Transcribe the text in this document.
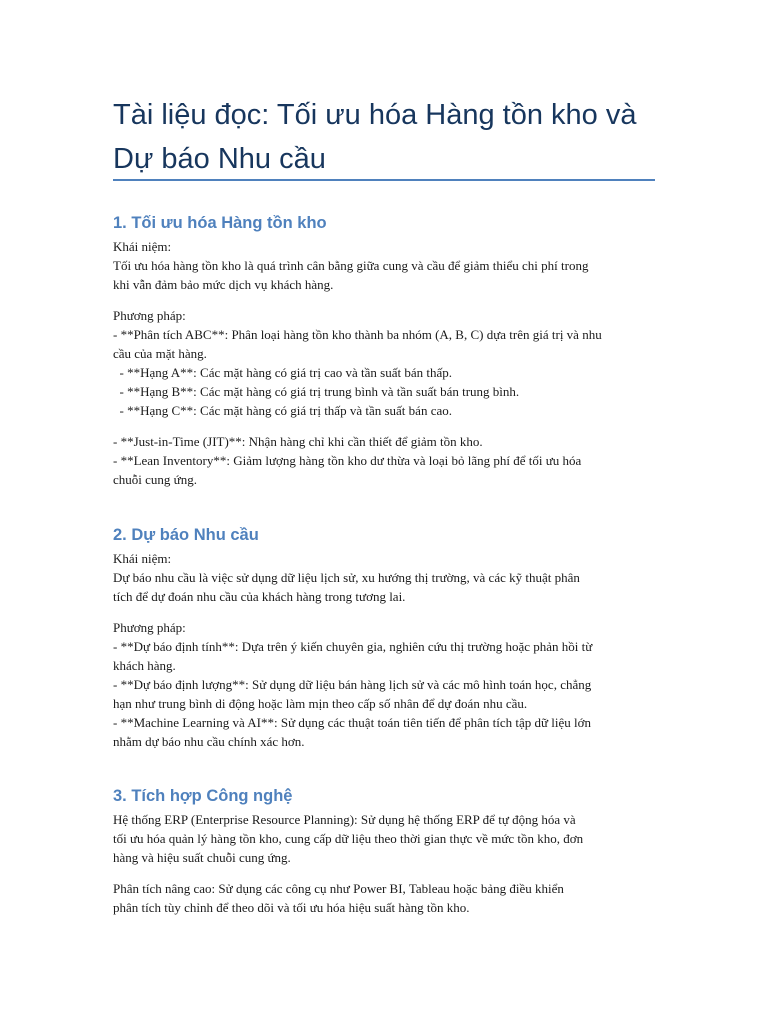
Tài liệu đọc: Tối ưu hóa Hàng tồn kho và Dự báo Nhu cầu
1. Tối ưu hóa Hàng tồn kho

Khái niệm:

Tối ưu hóa hàng tồn kho là quá trình cân bằng giữa cung và cầu để giảm thiểu chi phí trong
khi vẫn đảm bảo mức dịch vụ khách hàng.

Phương pháp:

- **Phân tích ABC**: Phân loại hàng tồn kho thành ba nhóm (A, B, C) dựa trên giá trị và nhu
cầu của mặt hàng.
- **Hạng A**: Các mặt hàng có giá trị cao và tần suất bán thấp.
- **Hạng B**: Các mặt hàng có giá trị trung bình và tần suất bán trung bình.
- **Hạng C**: Các mặt hàng có giá trị thấp và tần suất bán cao.

- **Just-in-Time (JIT)**: Nhận hàng chỉ khi cần thiết để giảm tồn kho.
- **Lean Inventory**: Giảm lượng hàng tồn kho dư thừa và loại bỏ lãng phí để tối ưu hóa
chuỗi cung ứng.

2. Dự báo Nhu cầu

Khái niệm:

Dự báo nhu cầu là việc sử dụng dữ liệu lịch sử, xu hướng thị trường, và các kỹ thuật phân
tích để dự đoán nhu cầu của khách hàng trong tương lai.

Phương pháp:

- **Dự báo định tính**: Dựa trên ý kiến chuyên gia, nghiên cứu thị trường hoặc phản hồi từ
khách hàng.
- **Dự báo định lượng**: Sử dụng dữ liệu bán hàng lịch sử và các mô hình toán học, chẳng
hạn như trung bình di động hoặc làm mịn theo cấp số nhân để dự đoán nhu cầu.
- **Machine Learning và AI**: Sử dụng các thuật toán tiên tiến để phân tích tập dữ liệu lớn
nhằm dự báo nhu cầu chính xác hơn.

3. Tích hợp Công nghệ

Hệ thống ERP (Enterprise Resource Planning): Sử dụng hệ thống ERP để tự động hóa và
tối ưu hóa quản lý hàng tồn kho, cung cấp dữ liệu theo thời gian thực về mức tồn kho, đơn
hàng và hiệu suất chuỗi cung ứng.

Phân tích nâng cao: Sử dụng các công cụ như Power BI, Tableau hoặc bảng điều khiển
phân tích tùy chỉnh để theo dõi và tối ưu hóa hiệu suất hàng tồn kho.
